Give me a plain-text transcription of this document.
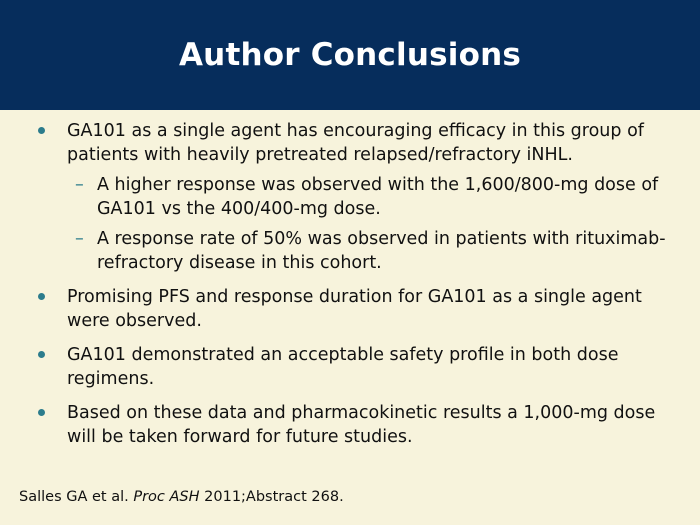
Author Conclusions
GA101 as a single agent has encouraging efficacy in this group of patients with heavily pretreated relapsed/refractory iNHL.
– A higher response was observed with the 1,600/800-mg dose of GA101 vs the 400/400-mg dose.
– A response rate of 50% was observed in patients with rituximab-refractory disease in this cohort.
Promising PFS and response duration for GA101 as a single agent were observed.
GA101 demonstrated an acceptable safety profile in both dose regimens.
Based on these data and pharmacokinetic results a 1,000-mg dose will be taken forward for future studies.
Salles GA et al. Proc ASH 2011;Abstract 268.
